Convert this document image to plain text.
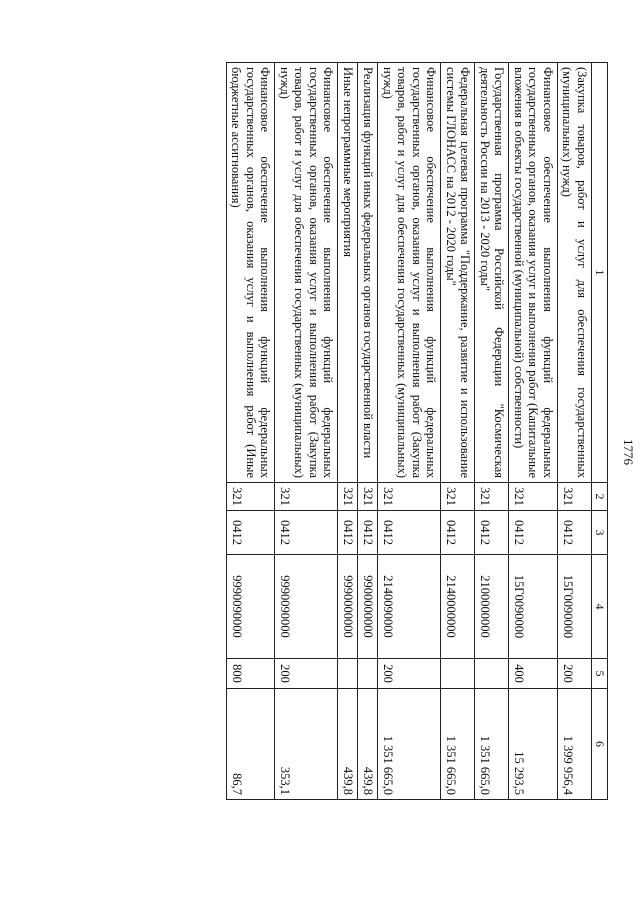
1776
1	2	3	4	5	6
(Закупка товаров, работ и услуг для обеспечения государственных (муниципальных) нужд)	321	0412	15Г0090000	200	1 399 956,4
Финансовое обеспечение выполнения функций федеральных государственных органов, оказания услуг и выполнения работ (Капитальные вложения в объекты государственной (муниципальной) собственности)	321	0412	15Г0090000	400	15 293,5
Государственная программа Российской Федерации "Космическая деятельность России на 2013 - 2020 годы"	321	0412	2100000000		1 351 665,0
Федеральная целевая программа "Поддержание, развитие и использование системы ГЛОНАСС на 2012 - 2020 годы"	321	0412	2140000000		1 351 665,0
Финансовое обеспечение выполнения функций федеральных государственных органов, оказания услуг и выполнения работ (Закупка товаров, работ и услуг для обеспечения государственных (муниципальных) нужд)	321	0412	2140090000	200	1 351 665,0
Реализация функций иных федеральных органов государственной власти	321	0412	9900000000		439,8
Иные непрограммные мероприятия	321	0412	9990000000		439,8
Финансовое обеспечение выполнения функций федеральных государственных органов, оказания услуг и выполнения работ (Закупка товаров, работ и услуг для обеспечения государственных (муниципальных) нужд)	321	0412	9990090000	200	353,1
Финансовое обеспечение выполнения функций федеральных государственных органов, оказания услуг и выполнения работ (Иные бюджетные ассигнования)	321	0412	9990090000	800	86,7
